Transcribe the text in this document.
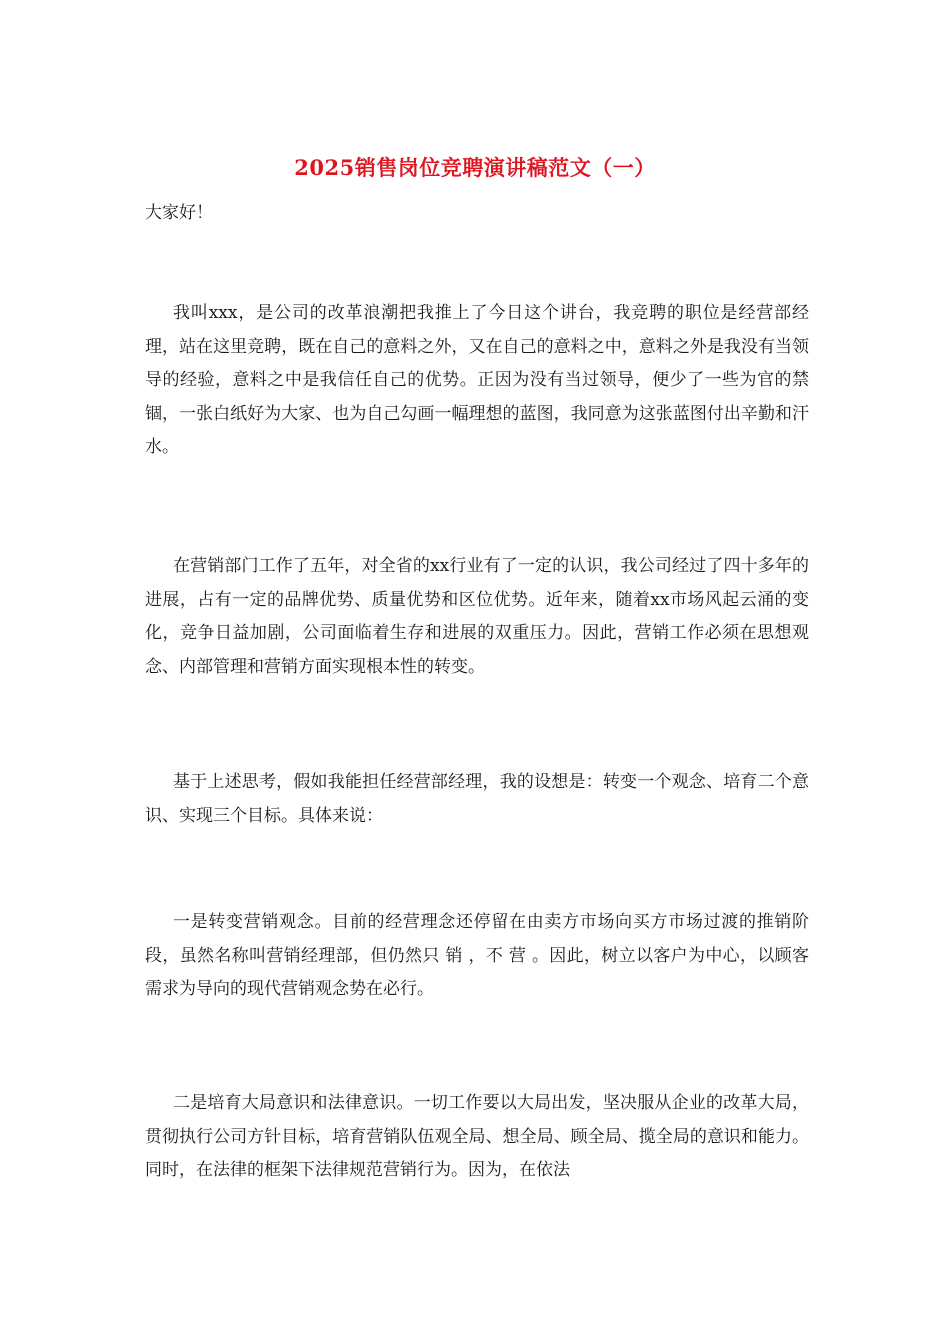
2025销售岗位竞聘演讲稿范文（一）

大家好！

我叫xxx，是公司的改革浪潮把我推上了今日这个讲台，我竞聘的职位是经营部经理，站在这里竞聘，既在自己的意料之外，又在自己的意料之中，意料之外是我没有当领导的经验，意料之中是我信任自己的优势。正因为没有当过领导，便少了一些为官的禁锢，一张白纸好为大家、也为自己勾画一幅理想的蓝图，我同意为这张蓝图付出辛勤和汗水。

在营销部门工作了五年，对全省的xx行业有了一定的认识，我公司经过了四十多年的进展，占有一定的品牌优势、质量优势和区位优势。近年来，随着xx市场风起云涌的变化，竞争日益加剧，公司面临着生存和进展的双重压力。因此，营销工作必须在思想观念、内部管理和营销方面实现根本性的转变。

基于上述思考，假如我能担任经营部经理，我的设想是：转变一个观念、培育二个意识、实现三个目标。具体来说：

一是转变营销观念。目前的经营理念还停留在由卖方市场向买方市场过渡的推销阶段，虽然名称叫营销经理部，但仍然只 销 ，不 营 。因此，树立以客户为中心，以顾客需求为导向的现代营销观念势在必行。

二是培育大局意识和法律意识。一切工作要以大局出发，坚决服从企业的改革大局，贯彻执行公司方针目标，培育营销队伍观全局、想全局、顾全局、揽全局的意识和能力。同时，在法律的框架下法律规范营销行为。因为，在依法
